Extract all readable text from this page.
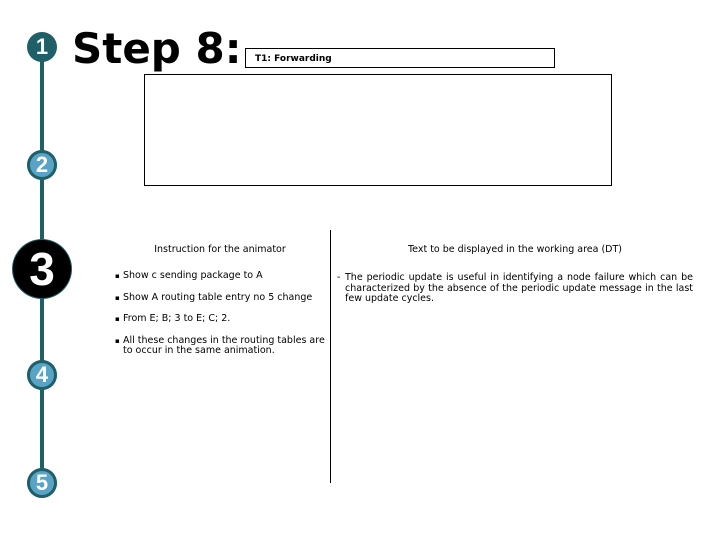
1
2
3
4
5
Step 8:	T1: Forwarding
Instruction for the animator	Text to be displayed in the working area (DT)
▪ Show c sending package to A
▪ Show A routing table entry no 5 change
▪ From E; B; 3 to E; C; 2.
▪ All these changes in the routing tables are to occur in the same animation.
- The periodic update is useful in identifying a node failure which can be characterized by the absence of the periodic update message in the last few update cycles.
